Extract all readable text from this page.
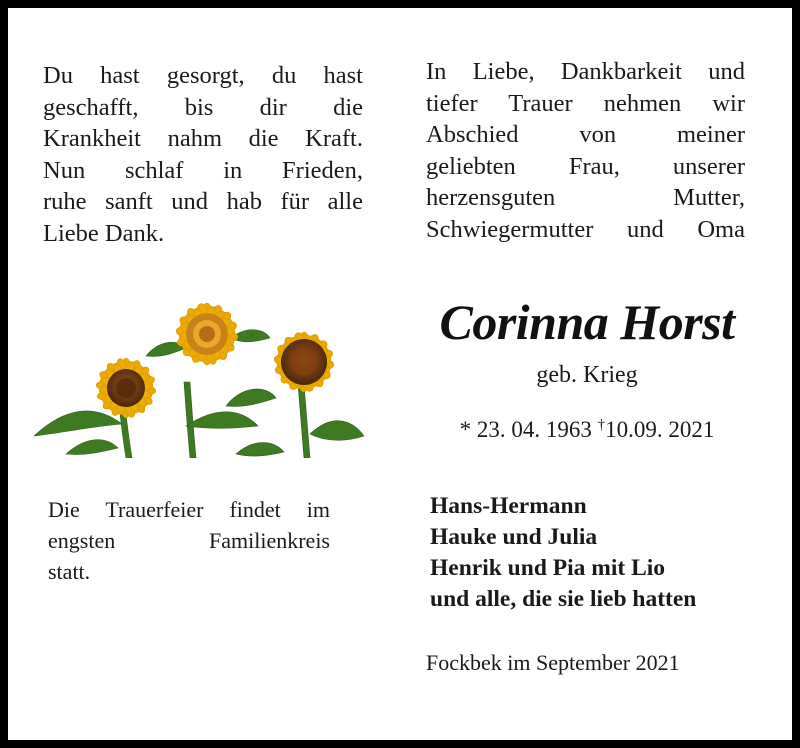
Du hast gesorgt, du hast
geschafft, bis dir die
Krankheit nahm die Kraft.
Nun schlaf in Frieden,
ruhe sanft und hab für alle
Liebe Dank.
In Liebe, Dankbarkeit und
tiefer Trauer nehmen wir
Abschied von meiner
geliebten Frau, unserer
herzensguten Mutter,
Schwiegermutter und Oma
Corinna Horst
geb. Krieg
* 23. 04. 1963 †10.09. 2021
Die Trauerfeier findet im
engsten Familienkreis
statt.
Hans-Hermann
Hauke und Julia
Henrik und Pia mit Lio
und alle, die sie lieb hatten
Fockbek im September 2021
